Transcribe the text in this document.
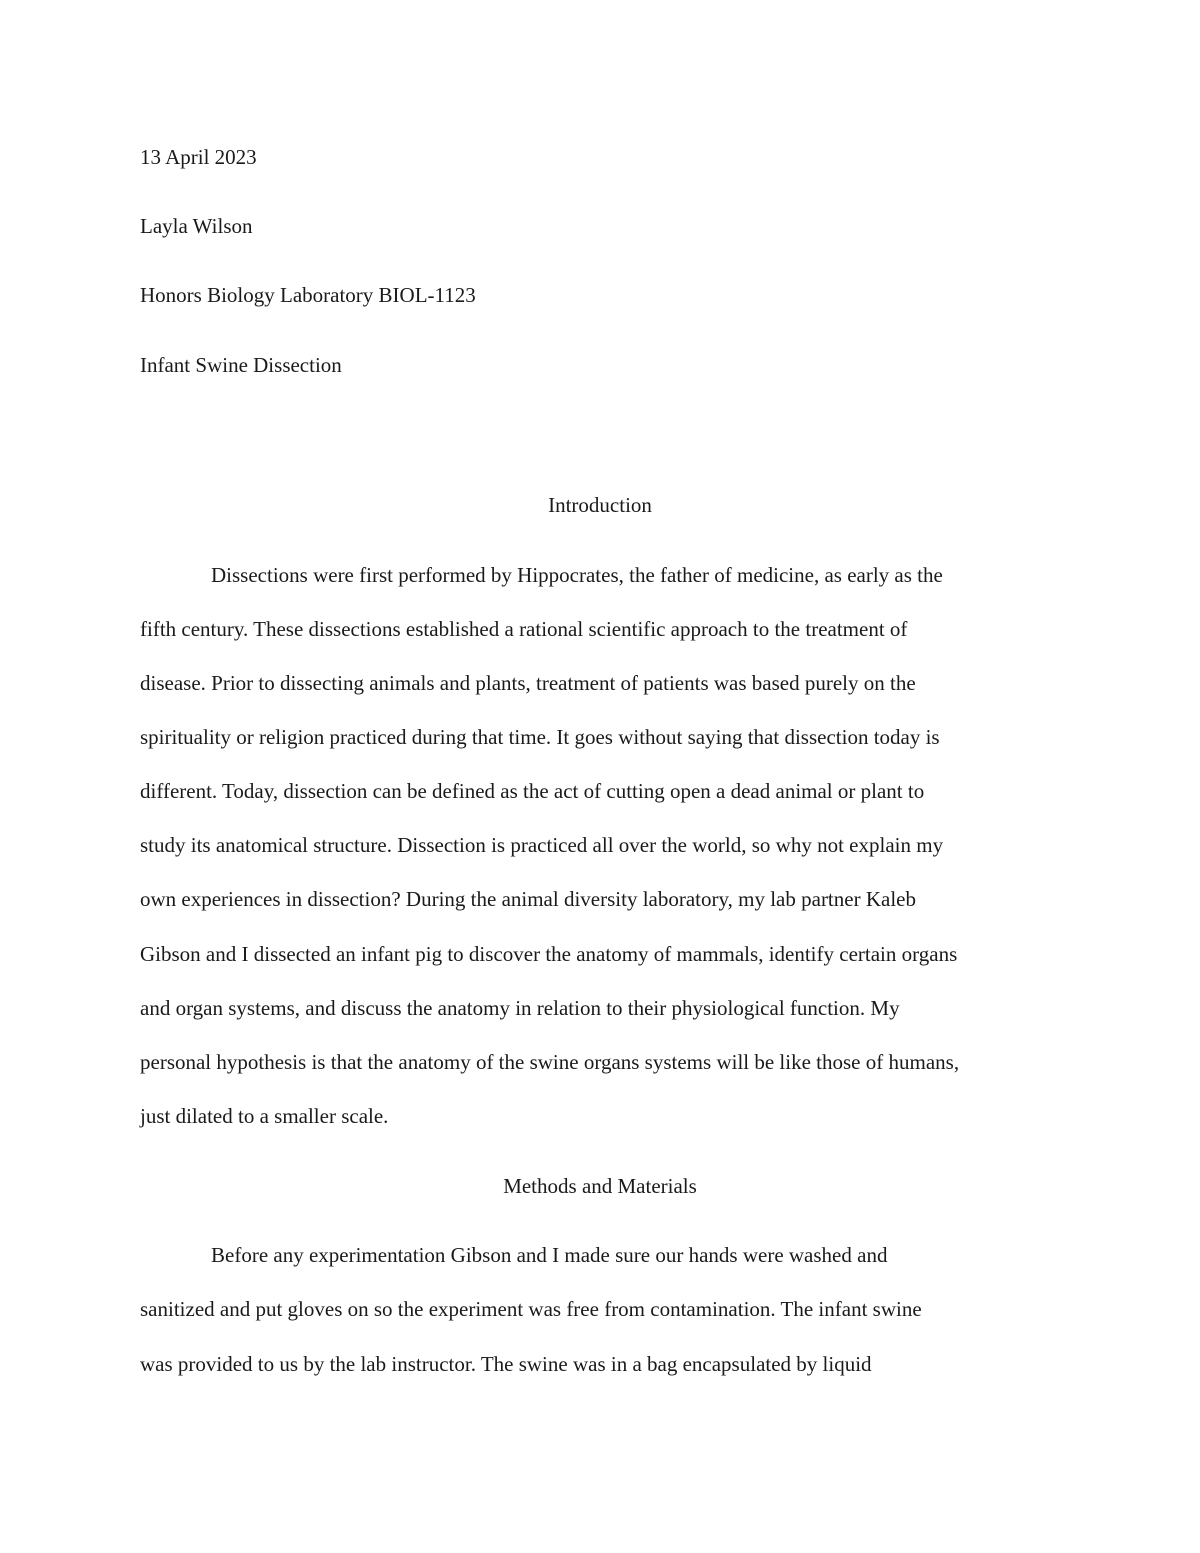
13 April 2023
Layla Wilson
Honors Biology Laboratory BIOL-1123
Infant Swine Dissection
Introduction
Dissections were first performed by Hippocrates, the father of medicine, as early as the
fifth century. These dissections established a rational scientific approach to the treatment of
disease. Prior to dissecting animals and plants, treatment of patients was based purely on the
spirituality or religion practiced during that time. It goes without saying that dissection today is
different. Today, dissection can be defined as the act of cutting open a dead animal or plant to
study its anatomical structure. Dissection is practiced all over the world, so why not explain my
own experiences in dissection? During the animal diversity laboratory, my lab partner Kaleb
Gibson and I dissected an infant pig to discover the anatomy of mammals, identify certain organs
and organ systems, and discuss the anatomy in relation to their physiological function. My
personal hypothesis is that the anatomy of the swine organs systems will be like those of humans,
just dilated to a smaller scale.
Methods and Materials
Before any experimentation Gibson and I made sure our hands were washed and
sanitized and put gloves on so the experiment was free from contamination. The infant swine
was provided to us by the lab instructor. The swine was in a bag encapsulated by liquid
